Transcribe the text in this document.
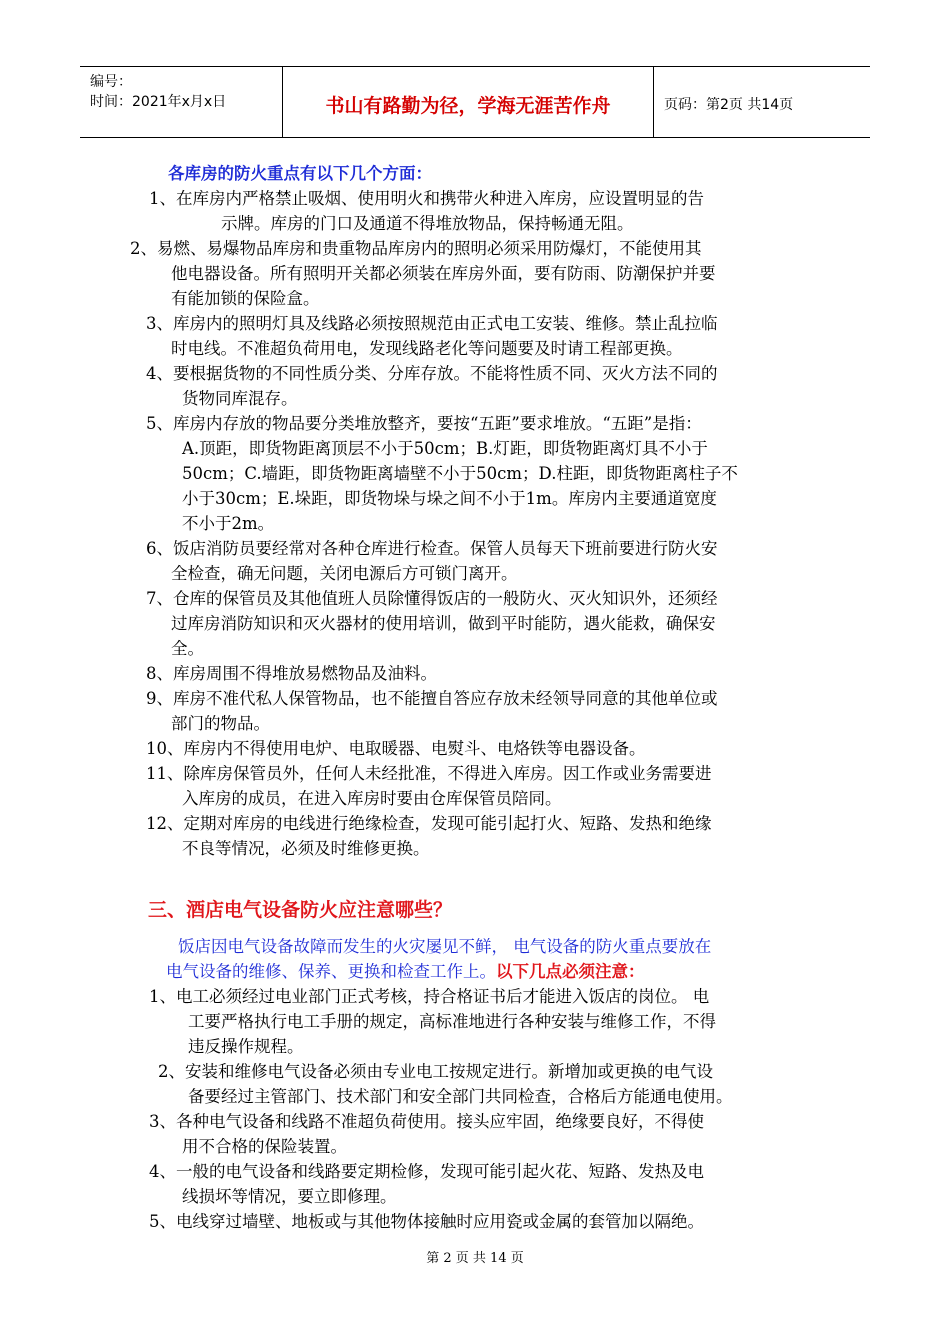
编号：
时间：2021年x月x日	书山有路勤为径，学海无涯苦作舟	页码：第2页 共14页
各库房的防火重点有以下几个方面：
1、在库房内严格禁止吸烟、使用明火和携带火种进入库房，应设置明显的告
示牌。库房的门口及通道不得堆放物品，保持畅通无阻。
2、易燃、易爆物品库房和贵重物品库房内的照明必须采用防爆灯，不能使用其
他电器设备。所有照明开关都必须装在库房外面，要有防雨、防潮保护并要
有能加锁的保险盒。
3、库房内的照明灯具及线路必须按照规范由正式电工安装、维修。禁止乱拉临
时电线。不准超负荷用电，发现线路老化等问题要及时请工程部更换。
4、要根据货物的不同性质分类、分库存放。不能将性质不同、灭火方法不同的
货物同库混存。
5、库房内存放的物品要分类堆放整齐，要按“五距”要求堆放。“五距”是指：
A.顶距，即货物距离顶层不小于50cm；B.灯距，即货物距离灯具不小于
50cm；C.墙距，即货物距离墙壁不小于50cm；D.柱距，即货物距离柱子不
小于30cm；E.垛距，即货物垛与垛之间不小于1m。库房内主要通道宽度
不小于2m。
6、饭店消防员要经常对各种仓库进行检查。保管人员每天下班前要进行防火安
全检查，确无问题，关闭电源后方可锁门离开。
7、仓库的保管员及其他值班人员除懂得饭店的一般防火、灭火知识外，还须经
过库房消防知识和灭火器材的使用培训，做到平时能防，遇火能救，确保安
全。
8、库房周围不得堆放易燃物品及油料。
9、库房不准代私人保管物品，也不能擅自答应存放未经领导同意的其他单位或
部门的物品。
10、库房内不得使用电炉、电取暖器、电熨斗、电烙铁等电器设备。
11、除库房保管员外，任何人未经批准，不得进入库房。因工作或业务需要进
入库房的成员，在进入库房时要由仓库保管员陪同。
12、定期对库房的电线进行绝缘检查，发现可能引起打火、短路、发热和绝缘
不良等情况，必须及时维修更换。
三、酒店电气设备防火应注意哪些？
饭店因电气设备故障而发生的火灾屡见不鲜， 电气设备的防火重点要放在
电气设备的维修、保养、更换和检查工作上。以下几点必须注意：
1、电工必须经过电业部门正式考核，持合格证书后才能进入饭店的岗位。 电
工要严格执行电工手册的规定，高标准地进行各种安装与维修工作，不得
违反操作规程。
2、安装和维修电气设备必须由专业电工按规定进行。新增加或更换的电气设
备要经过主管部门、技术部门和安全部门共同检查，合格后方能通电使用。
3、各种电气设备和线路不准超负荷使用。接头应牢固，绝缘要良好，不得使
用不合格的保险装置。
4、一般的电气设备和线路要定期检修，发现可能引起火花、短路、发热及电
线损坏等情况，要立即修理。
5、电线穿过墙壁、地板或与其他物体接触时应用瓷或金属的套管加以隔绝。
第 2 页 共 14 页
